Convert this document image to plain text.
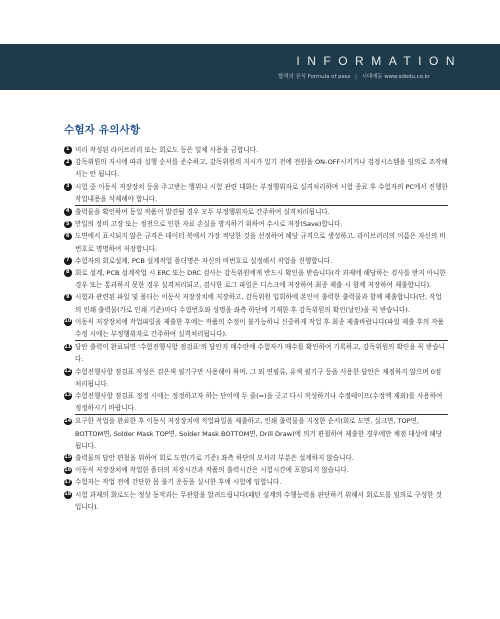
INFORMATION
합격의 공식 Formula of pass | 시대에듀 www.sdedu.co.kr
수험자 유의사항
1 미리 작성된 라이브러리 또는 회로도 등은 일체 사용을 금합니다.
2 감독위원의 지시에 따라 실행 순서를 준수하고, 감독위원의 지시가 있기 전에 전원을 ON-OFF시키거나 검정시스템을 임의로 조작해서는 안 됩니다.
3 시험 중 이동식 저장장치 등을 주고받는 행위나 시험 관련 대화는 부정행위자로 실격처리하며 시험 종료 후 수험자의 PC에서 진행한 작업내용을 삭제해야 합니다.
4 출력물을 확인하여 동일 작품이 발견될 경우 모두 부정행위자로 간주하여 실격처리됩니다.
5 만일의 장비 고장 또는 정전으로 인한 자료 손실을 방지하기 위하여 수시로 저장(Save)합니다.
6 도면에서 표시되지 않은 규격은 데이터 북에서 가장 적당한 것을 선정하여 해당 규격으로 생성하고, 라이브러리의 이름은 자신의 비번호로 명명하여 저장합니다.
7 수험자의 회로설계, PCB 설계작업 폴더명은 자신의 비번호로 설정해서 작업을 진행합니다.
8 회로 설계, PCB 설계작업 시 ERC 또는 DRC 검사는 감독위원에게 반드시 확인을 받습니다(각 과제에 해당하는 검사를 받지 아니한 경우 또는 통과하지 못한 경우 실격처리되고, 검사한 로그 파일은 디스크에 저장하여 최종 제출 시 함께 저장하여 제출합니다).
9 시험과 관련된 파일 및 폴더는 이동식 저장장치에 저장하고, 감독위원 입회하에 본인이 출력한 출력물과 함께 제출합니다(단, 작업의 인쇄 출력물(가로 인쇄 기준)마다 수험번호와 성명을 좌측 하단에 기재한 후 감독위원의 확인(날인)을 꼭 받습니다).
10 이동식 저장장치에 작업파일을 제출한 후에는 작품의 수정이 불가능하니 신중하게 작업 후 최종 제출바랍니다(파일 제출 후의 작품 수정 시에는 부정행위자로 간주하여 실격처리됩니다).
11 답안 출력이 완료되면 '수험진행사항 점검표'의 답안지 매수란에 수험자가 매수를 확인하여 기록하고, 감독위원의 확인을 꼭 받습니다.
12 수험진행사항 점검표 작성은 검은색 필기구만 사용해야 하며, 그 외 연필류, 유색 필기구 등을 사용한 답안은 채점하지 않으며 0점 처리됩니다.
13 수험진행사항 점검표 정정 시에는 정정하고자 하는 단어에 두 줄(=)을 긋고 다시 작성하거나 수정테이프(수정액 제외)를 사용하여 정정하시기 바랍니다.
14 요구한 작업을 완료한 후 이동식 저장장치에 작업파일을 제출하고, 인쇄 출력물을 지정한 순서(회로 도면, 실크면, TOP면, BOTTOM면, Solder Mask TOP면, Solder Mask BOTTOM면, Drill Draw)에 의거 편철하여 제출한 경우에만 채점 대상에 해당됩니다.
15 출력물의 답안 편철을 위하여 회로 도면(가로 기준) 좌측 하단의 모서리 부분은 설계하지 않습니다.
16 이동식 저장장치에 작업한 폴더의 저장시간과 작품의 출력시간은 시험시간에 포함되지 않습니다.
17 수험자는 작업 전에 간단한 몸 풀기 운동을 실시한 후에 시험에 임합니다.
18 시험 과제의 회로도는 정상 동작과는 무관함을 알려드립니다(패턴 설계의 수행능력을 판단하기 위해서 회로도를 임의로 구성한 것입니다).
